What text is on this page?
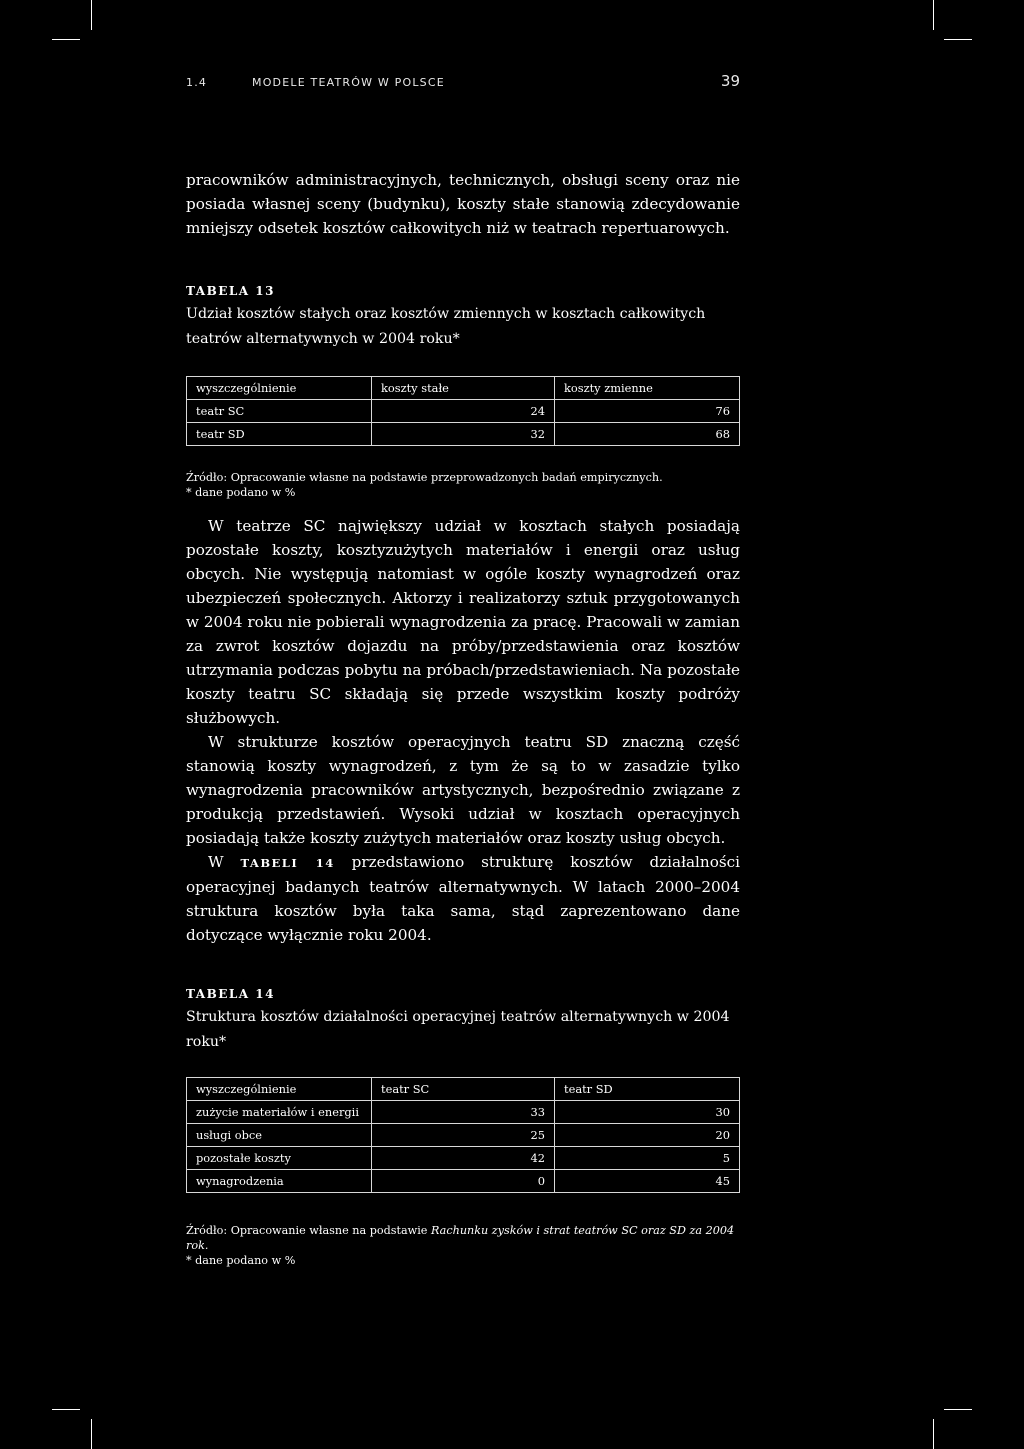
1.4	MODELE TEATRÓW W POLSCE	39

pracowników administracyjnych, technicznych, obsługi sceny oraz nie posiada własnej sceny (budynku), koszty stałe stanowią zdecydowanie mniejszy odsetek kosztów całkowitych niż w teatrach repertuarowych.

TABELA 13

Udział kosztów stałych oraz kosztów zmiennych w kosztach całkowitych teatrów alternatywnych w 2004 roku*

wyszczególnienie	koszty stałe	koszty zmienne
teatr SC	24	76
teatr SD	32	68

Źródło: Opracowanie własne na podstawie przeprowadzonych badań empirycznych.

* dane podano w %

W teatrze SC największy udział w kosztach stałych posiadają pozostałe koszty, kosztyzużytych materiałów i energii oraz usług obcych. Nie występują natomiast w ogóle koszty wynagrodzeń oraz ubezpieczeń społecznych. Aktorzy i realizatorzy sztuk przygotowanych w 2004 roku nie pobierali wynagrodzenia za pracę. Pracowali w zamian za zwrot kosztów dojazdu na próby/przedstawienia oraz kosztów utrzymania podczas pobytu na próbach/przedstawieniach. Na pozostałe koszty teatru SC składają się przede wszystkim koszty podróży służbowych.

W strukturze kosztów operacyjnych teatru SD znaczną część stanowią koszty wynagrodzeń, z tym że są to w zasadzie tylko wynagrodzenia pracowników artystycznych, bezpośrednio związane z produkcją przedstawień. Wysoki udział w kosztach operacyjnych posiadają także koszty zużytych materiałów oraz koszty usług obcych.

W TABELI 14 przedstawiono strukturę kosztów działalności operacyjnej badanych teatrów alternatywnych. W latach 2000–2004 struktura kosztów była taka sama, stąd zaprezentowano dane dotyczące wyłącznie roku 2004.

TABELA 14

Struktura kosztów działalności operacyjnej teatrów alternatywnych w 2004 roku*

wyszczególnienie	teatr SC	teatr SD
zużycie materiałów i energii	33	30
usługi obce	25	20
pozostałe koszty	42	5
wynagrodzenia	0	45

Źródło: Opracowanie własne na podstawie Rachunku zysków i strat teatrów SC oraz SD za 2004 rok.

* dane podano w %
